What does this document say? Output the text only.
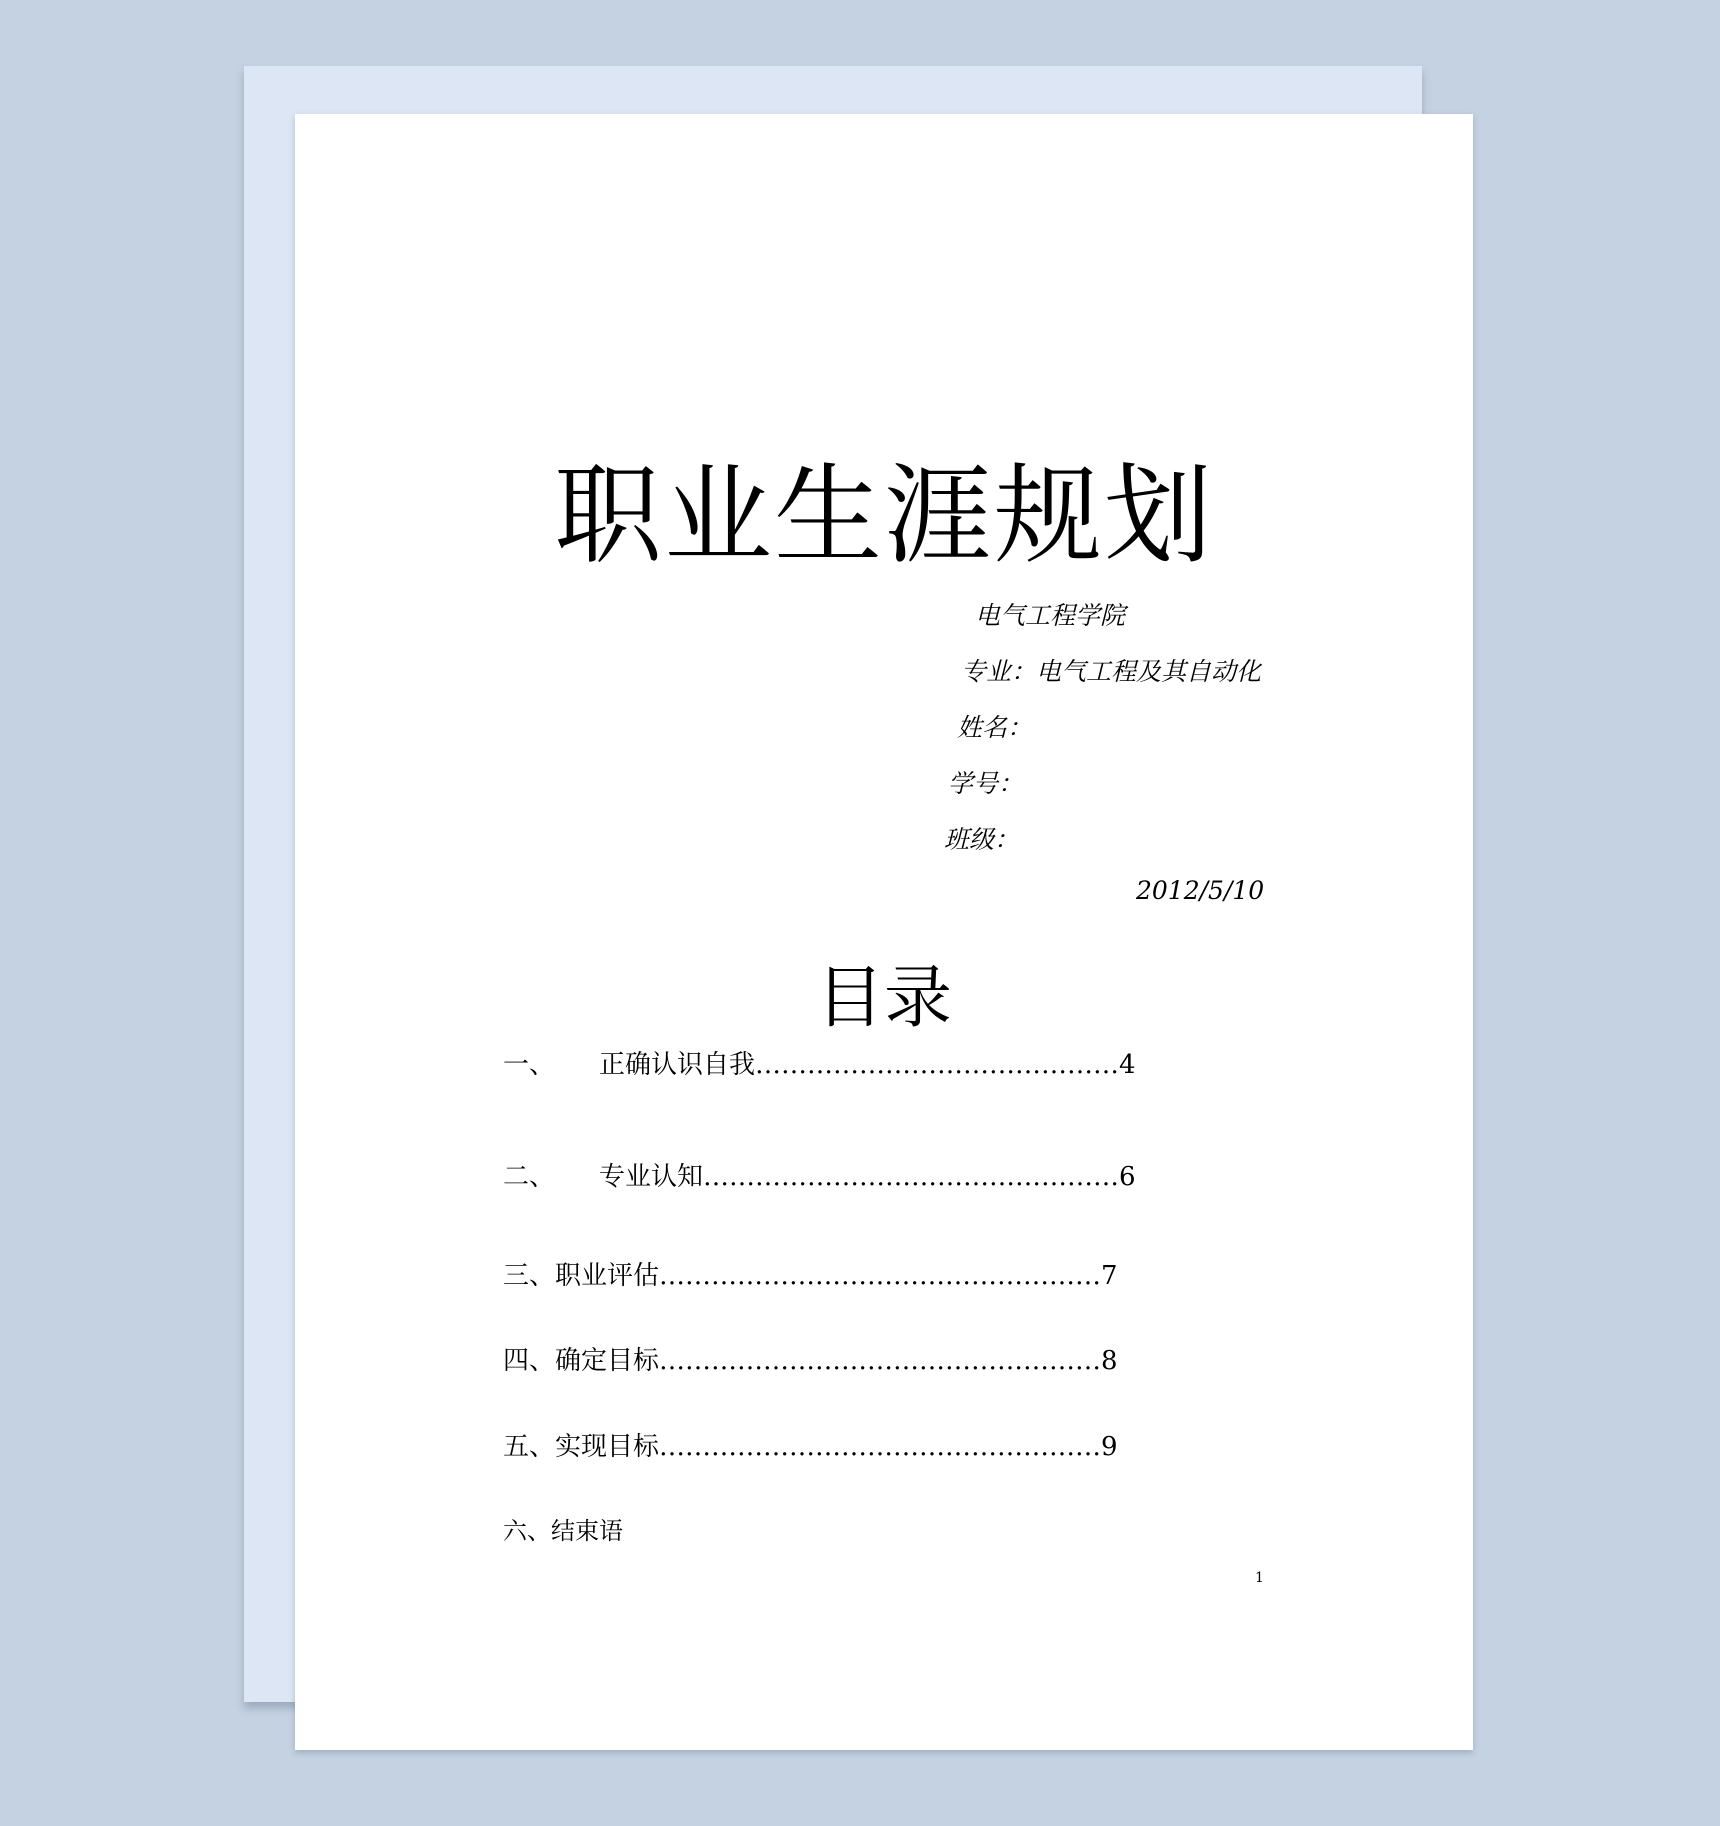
职业生涯规划
电气工程学院
专业：电气工程及其自动化
姓名：
学号：
班级：
2012/5/10
目录
一、 正确认识自我……………………………………4
二、 专业认知…………………………………………6
三、职业评估……………………………………………7
四、确定目标……………………………………………8
五、实现目标……………………………………………9
六、结束语
1
